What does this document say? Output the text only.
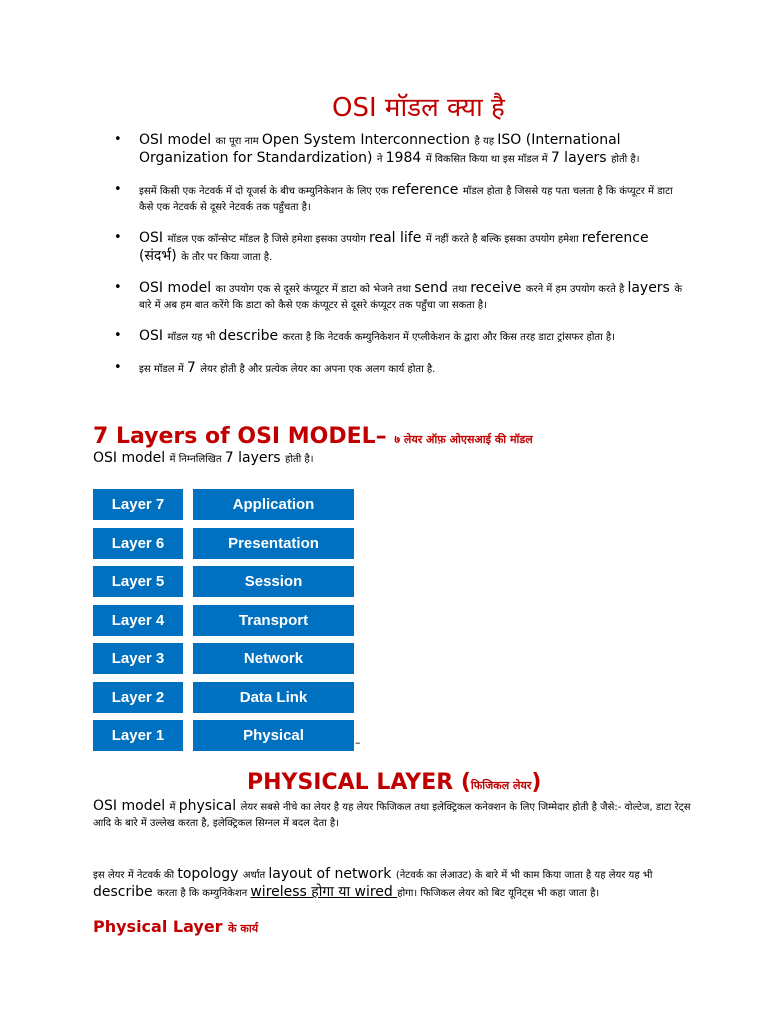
OSI मॉडल क्या है
• OSI model का पूरा नाम Open System Interconnection है यह ISO (International Organization for Standardization) ने 1984 में विकसित किया था इस मॉडल में 7 layers होती है।
• इसमें किसी एक नेटवर्क में दो यूजर्स के बीच कम्युनिकेशन के लिए एक reference मॉडल होता है जिससे यह पता चलता है कि कंप्यूटर में डाटा कैसे एक नेटवर्क से दूसरे नेटवर्क तक पहुँचता है।
• OSI मॉडल एक कॉन्सेप्ट मॉडल है जिसे हमेशा इसका उपयोग real life में नहीं करते है बल्कि इसका उपयोग हमेशा reference (संदर्भ) के तौर पर किया जाता है.
• OSI model का उपयोग एक से दूसरे कंप्यूटर में डाटा को भेजने तथा send तथा receive करने में हम उपयोग करते है layers के बारे में अब हम बात करेंगे कि डाटा को कैसे एक कंप्यूटर से दूसरे कंप्यूटर तक पहुँचा जा सकता है।
• OSI मॉडल यह भी describe करता है कि नेटवर्क कम्युनिकेशन में एप्लीकेशन के द्वारा और किस तरह डाटा ट्रांसफर होता है।
• इस मॉडल में 7 लेयर होती है और प्रत्येक लेयर का अपना एक अलग कार्य होता है.
7 Layers of OSI MODEL– ७ लेयर ऑफ़ ओएसआई की मॉडल
OSI model में निम्नलिखित 7 layers होती है।
Layer 7	Application
Layer 6	Presentation
Layer 5	Session
Layer 4	Transport
Layer 3	Network
Layer 2	Data Link
Layer 1	Physical	–
PHYSICAL LAYER (फिजिकल लेयर)
OSI model में physical लेयर सबसे नीचे का लेयर है यह लेयर फिजिकल तथा इलेक्ट्रिकल कनेक्शन के लिए जिम्मेदार होती है जैसे:- वोल्टेज, डाटा रेट्स आदि के बारे में उल्लेख करता है, इलेक्ट्रिकल सिग्नल में बदल देता है।
इस लेयर में नेटवर्क की topology अर्थात layout of network (नेटवर्क का लेआउट) के बारे में भी काम किया जाता है यह लेयर यह भी describe करता है कि कम्युनिकेशन wireless होगा या wired होगा। फिजिकल लेयर को बिट यूनिट्स भी कहा जाता है।
Physical Layer के कार्य
